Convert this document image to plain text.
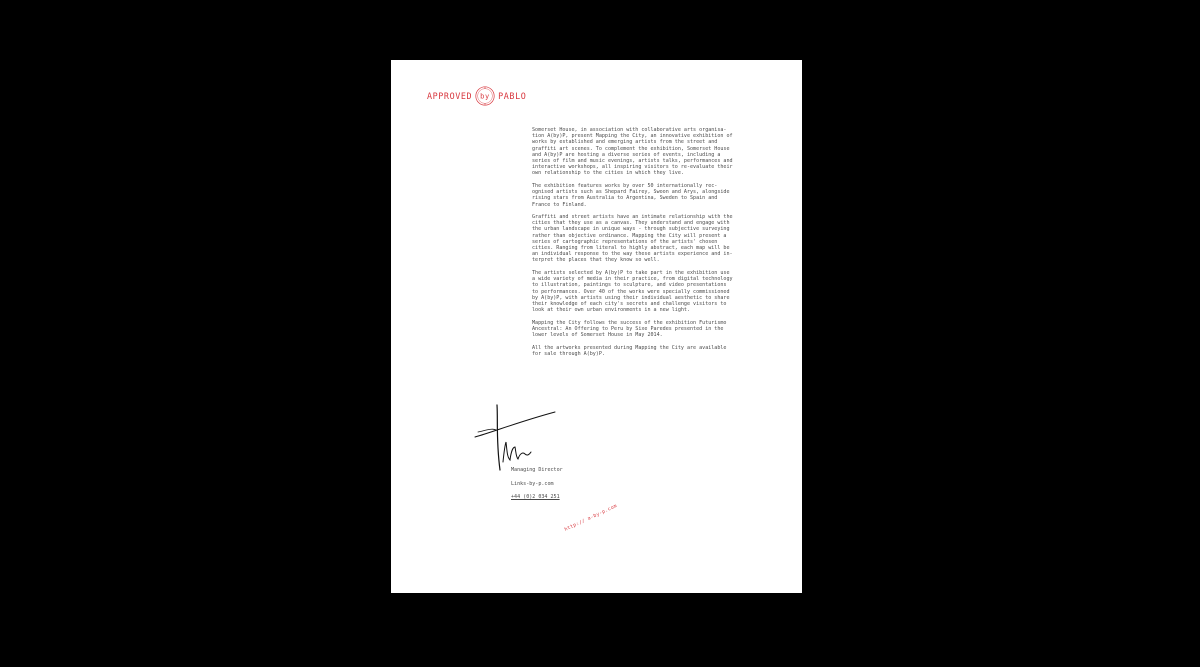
APPROVED by PABLO

Somerset House, in association with collaborative arts organisa-
tion A(by)P, present Mapping the City, an innovative exhibition of
works by established and emerging artists from the street and
graffiti art scenes. To complement the exhibition, Somerset House
and A(by)P are hosting a diverse series of events, including a
series of film and music evenings, artists talks, performances and
interactive workshops, all inspiring visitors to re-evaluate their
own relationship to the cities in which they live.

The exhibition features works by over 50 internationally rec-
ognised artists such as Shepard Fairey, Swoon and Arys, alongside
rising stars from Australia to Argentina, Sweden to Spain and
France to Finland.

Graffiti and street artists have an intimate relationship with the
cities that they use as a canvas. They understand and engage with
the urban landscape in unique ways - through subjective surveying
rather than objective ordinance. Mapping the City will present a
series of cartographic representations of the artists' chosen
cities. Ranging from literal to highly abstract, each map will be
an individual response to the way these artists experience and in-
terpret the places that they know so well.

The artists selected by A(by)P to take part in the exhibition use
a wide variety of media in their practice, from digital technology
to illustration, paintings to sculpture, and video presentations
to performances. Over 40 of the works were specially commissioned
by A(by)P, with artists using their individual aesthetic to share
their knowledge of each city's secrets and challenge visitors to
look at their own urban environments in a new light.

Mapping the City follows the success of the exhibition Futurismo
Ancestral: An Offering to Peru by Sixe Paredes presented in the
lower levels of Somerset House in May 2014.

All the artworks presented during Mapping the City are available
for sale through A(by)P.

Managing Director
Links-by-p.com
+44 (0)2 034 251
http:// a-by-p.com
